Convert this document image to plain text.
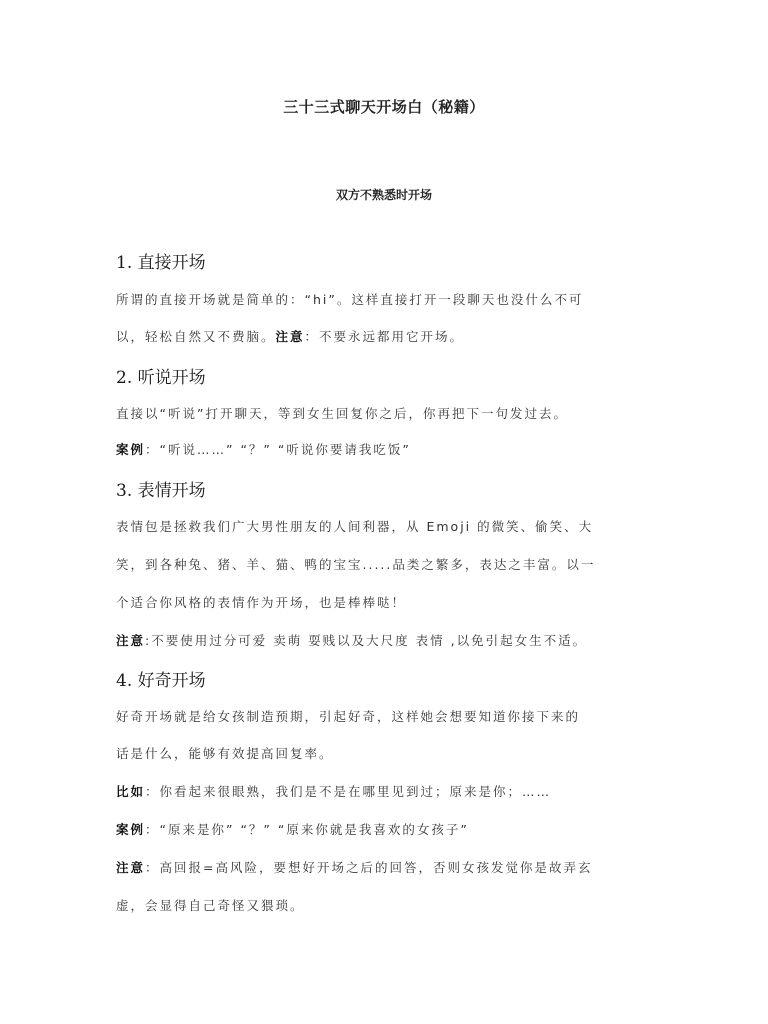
三十三式聊天开场白（秘籍）
双方不熟悉时开场
1. 直接开场
所谓的直接开场就是简单的：“hi”。这样直接打开一段聊天也没什么不可
以，轻松自然又不费脑。注意：不要永远都用它开场。
2. 听说开场
直接以“听说”打开聊天，等到女生回复你之后，你再把下一句发过去。
案例：“听说……” “？” “听说你要请我吃饭”
3. 表情开场
表情包是拯救我们广大男性朋友的人间利器，从 Emoji 的微笑、偷笑、大
笑，到各种兔、猪、羊、猫、鸭的宝宝.....品类之繁多，表达之丰富。以一
个适合你风格的表情作为开场，也是棒棒哒！
注意:不要使用过分可爱 卖萌 耍贱以及大尺度 表情 ,以免引起女生不适。
4. 好奇开场
好奇开场就是给女孩制造预期，引起好奇，这样她会想要知道你接下来的
话是什么，能够有效提高回复率。
比如：你看起来很眼熟，我们是不是在哪里见到过；原来是你；……
案例：“原来是你” “？” “原来你就是我喜欢的女孩子”
注意：高回报=高风险，要想好开场之后的回答，否则女孩发觉你是故弄玄
虚，会显得自己奇怪又猥琐。
